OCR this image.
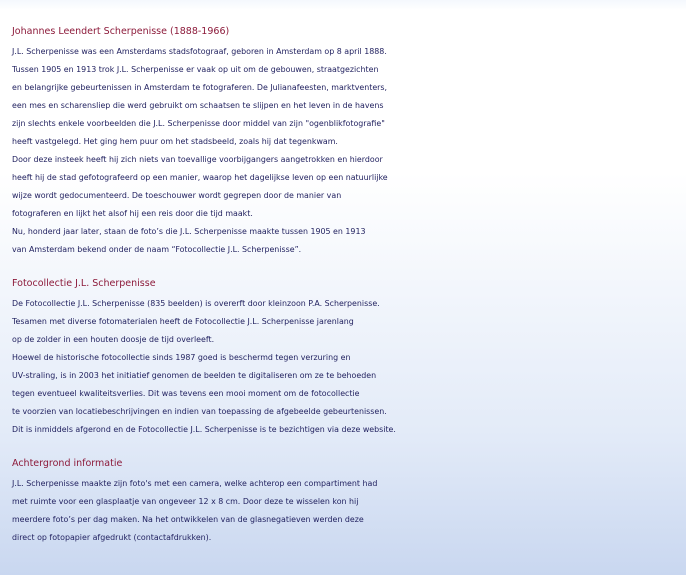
Johannes Leendert Scherpenisse (1888-1966)
J.L. Scherpenisse was een Amsterdams stadsfotograaf, geboren in Amsterdam op 8 april 1888.
Tussen 1905 en 1913 trok J.L. Scherpenisse er vaak op uit om de gebouwen, straatgezichten
en belangrijke gebeurtenissen in Amsterdam te fotograferen. De Julianafeesten, marktventers,
een mes en scharensliep die werd gebruikt om schaatsen te slijpen en het leven in de havens
zijn slechts enkele voorbeelden die J.L. Scherpenisse door middel van zijn "ogenblikfotografie"
heeft vastgelegd. Het ging hem puur om het stadsbeeld, zoals hij dat tegenkwam.
Door deze insteek heeft hij zich niets van toevallige voorbijgangers aangetrokken en hierdoor
heeft hij de stad gefotografeerd op een manier, waarop het dagelijkse leven op een natuurlijke
wijze wordt gedocumenteerd. De toeschouwer wordt gegrepen door de manier van
fotograferen en lijkt het alsof hij een reis door die tijd maakt.
Nu, honderd jaar later, staan de foto’s die J.L. Scherpenisse maakte tussen 1905 en 1913
van Amsterdam bekend onder de naam “Fotocollectie J.L. Scherpenisse”.
Fotocollectie J.L. Scherpenisse
De Fotocollectie J.L. Scherpenisse (835 beelden) is overerft door kleinzoon P.A. Scherpenisse.
Tesamen met diverse fotomaterialen heeft de Fotocollectie J.L. Scherpenisse jarenlang
op de zolder in een houten doosje de tijd overleeft.
Hoewel de historische fotocollectie sinds 1987 goed is beschermd tegen verzuring en
UV-straling, is in 2003 het initiatief genomen de beelden te digitaliseren om ze te behoeden
tegen eventueel kwaliteitsverlies. Dit was tevens een mooi moment om de fotocollectie
te voorzien van locatiebeschrijvingen en indien van toepassing de afgebeelde gebeurtenissen.
Dit is inmiddels afgerond en de Fotocollectie J.L. Scherpenisse is te bezichtigen via deze website.
Achtergrond informatie
J.L. Scherpenisse maakte zijn foto's met een camera, welke achterop een compartiment had
met ruimte voor een glasplaatje van ongeveer 12 x 8 cm. Door deze te wisselen kon hij
meerdere foto’s per dag maken. Na het ontwikkelen van de glasnegatieven werden deze
direct op fotopapier afgedrukt (contactafdrukken).
